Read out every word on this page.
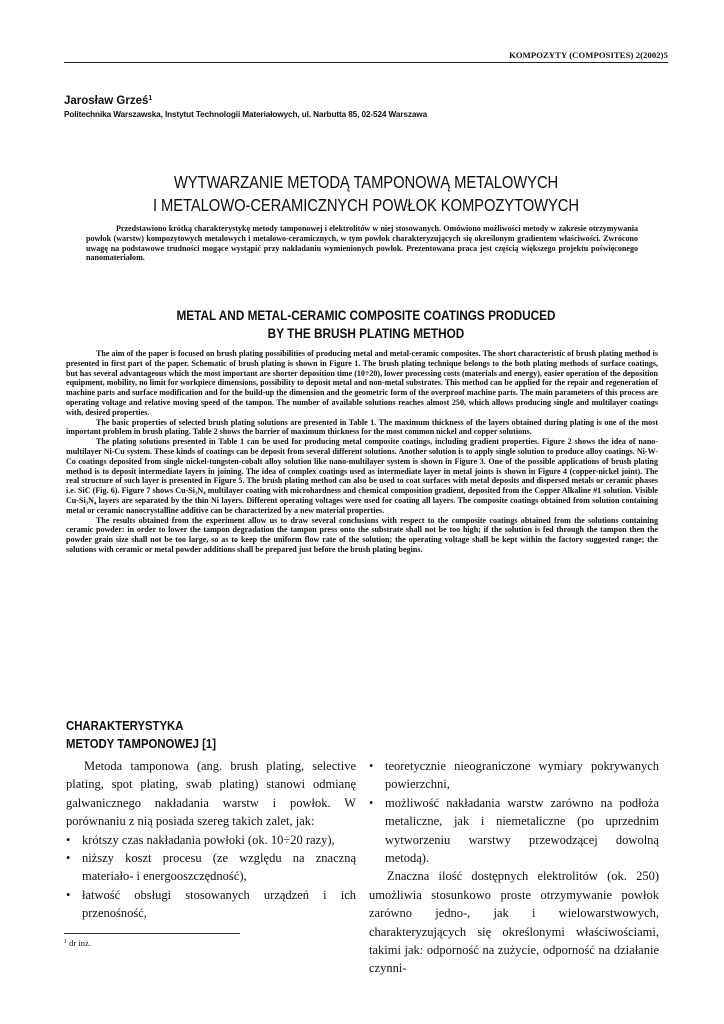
KOMPOZYTY (COMPOSITES) 2(2002)5
Jarosław Grześ$^1$
Politechnika Warszawska, Instytut Technologii Materiałowych, ul. Narbutta 85, 02-524 Warszawa
WYTWARZANIE METODĄ TAMPONOWĄ METALOWYCH
I METALOWO-CERAMICZNYCH POWŁOK KOMPOZYTOWYCH

Przedstawiono krótką charakterystykę metody tamponowej i elektrolitów w niej stosowanych. Omówiono możliwości metody w zakresie otrzymywania powłok (warstw) kompozytowych metalowych i metalowo-ceramicznych, w tym powłok charakteryzujących się określonym gradientem właściwości. Zwrócono uwagę na podstawowe trudności mogące wystąpić przy nakładaniu wymienionych powłok. Prezentowana praca jest częścią większego projektu poświęconego nanomateriałom.

METAL AND METAL-CERAMIC COMPOSITE COATINGS PRODUCED
BY THE BRUSH PLATING METHOD

The aim of the paper is focused on brush plating possibilities of producing metal and metal-ceramic composites. The short characteristic of brush plating method is presented in first part of the paper. Schematic of brush plating is shown in Figure 1. The brush plating technique belongs to the both plating methods of surface coatings, but has several advantageous which the most important are shorter deposition time (10÷20), lower processing costs (materials and energy), easier operation of the deposition equipment, mobility, no limit for workpiece dimensions, possibility to deposit metal and non-metal substrates. This method can be applied for the repair and regeneration of machine parts and surface modification and for the build-up the dimension and the geometric form of the overproof machine parts. The main parameters of this process are operating voltage and relative moving speed of the tampon. The number of available solutions reaches almost 250, which allows producing single and multilayer coatings with, desired properties.

The basic properties of selected brush plating solutions are presented in Table 1. The maximum thickness of the layers obtained during plating is one of the most important problem in brush plating. Table 2 shows the barrier of maximum thickness for the most common nickel and copper solutions.

The plating solutions presented in Table 1 can be used for producing metal composite coatings, including gradient properties. Figure 2 shows the idea of nano-multilayer Ni-Cu system. These kinds of coatings can be deposit from several different solutions. Another solution is to apply single solution to produce alloy coatings. Ni-W-Co coatings deposited from single nickel-tungsten-cobalt alloy solution like nano-multilayer system is shown in Figure 3. One of the possible applications of brush plating method is to deposit intermediate layers in joining. The idea of complex coatings used as intermediate layer in metal joints is shown in Figure 4 (copper-nickel joint). The real structure of such layer is presented in Figure 5. The brush plating method can also be used to coat surfaces with metal deposits and dispersed metals or ceramic phases i.e. SiC (Fig. 6). Figure 7 shows Cu-Si₃N₄ multilayer coating with microhardness and chemical composition gradient, deposited from the Copper Alkaline #1 solution. Visible Cu-Si₃N₄ layers are separated by the thin Ni layers. Different operating voltages were used for coating all layers. The composite coatings obtained from solution containing metal or ceramic nanocrystalline additive can be characterized by a new material properties.

The results obtained from the experiment allow us to draw several conclusions with respect to the composite coatings obtained from the solutions containing ceramic powder: in order to lower the tampon degradation the tampon press onto the substrate shall not be too high; if the solution is fed through the tampon then the powder grain size shall not be too large, so as to keep the uniform flow rate of the solution; the operating voltage shall be kept within the factory suggested range; the solutions with ceramic or metal powder additions shall be prepared just before the brush plating begins.

CHARAKTERYSTYKA
METODY TAMPONOWEJ [1]

Metoda tamponowa (ang. brush plating, selective plating, spot plating, swab plating) stanowi odmianę galwanicznego nakładania warstw i powłok. W porównaniu z nią posiada szereg takich zalet, jak:

• krótszy czas nakładania powłoki (ok. 10÷20 razy),
• niższy koszt procesu (ze względu na znaczną materiało- i energooszczędność),
• łatwość obsługi stosowanych urządzeń i ich przenośność,
• teoretycznie nieograniczone wymiary pokrywanych powierzchni,
• możliwość nakładania warstw zarówno na podłoża metaliczne, jak i niemetaliczne (po uprzednim wytworzeniu warstwy przewodzącej dowolną metodą).

Znaczna ilość dostępnych elektrolitów (ok. 250) umożliwia stosunkowo proste otrzymywanie powłok zarówno jedno-, jak i wielowarstwowych, charakteryzujących się określonymi właściwościami, takimi jak: odporność na zużycie, odporność na działanie czynni-

$^1$ dr inż.
